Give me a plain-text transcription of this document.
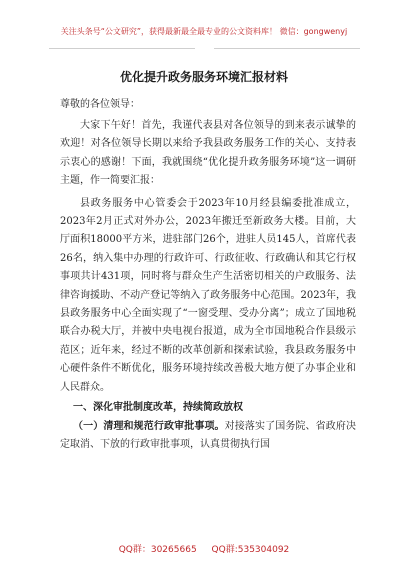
关注头条号“公文研究”，获得最新最全最专业的公文资料库！ 微信：gongwenyj
优化提升政务服务环境汇报材料
尊敬的各位领导：

大家下午好！首先，我谨代表县对各位领导的到来表示诚挚的欢迎！对各位领导长期以来给予我县政务服务工作的关心、支持表示衷心的感谢！下面，我就围绕“优化提升政务服务环境”这一调研主题，作一简要汇报：

县政务服务中心管委会于2023年10月经县编委批准成立，2023年2月正式对外办公，2023年搬迁至新政务大楼。目前，大厅面积18000平方米，进驻部门26个，进驻人员145人，首席代表26名，纳入集中办理的行政许可、行政征收、行政确认和其它行权事项共计431项，同时将与群众生产生活密切相关的户政服务、法律咨询援助、不动产登记等纳入了政务服务中心范围。2023年，我县政务服务中心全面实现了“一窗受理、受办分离”；成立了国地税联合办税大厅，并被中央电视台报道，成为全市国地税合作县级示范区；近年来，经过不断的改革创新和探索试验，我县政务服务中心硬件条件不断优化，服务环境持续改善极大地方便了办事企业和人民群众。

一、深化审批制度改革，持续简政放权

（一）清理和规范行政审批事项。对接落实了国务院、省政府决定取消、下放的行政审批事项，认真贯彻执行国

QQ群：30265665 QQ群:535304092
